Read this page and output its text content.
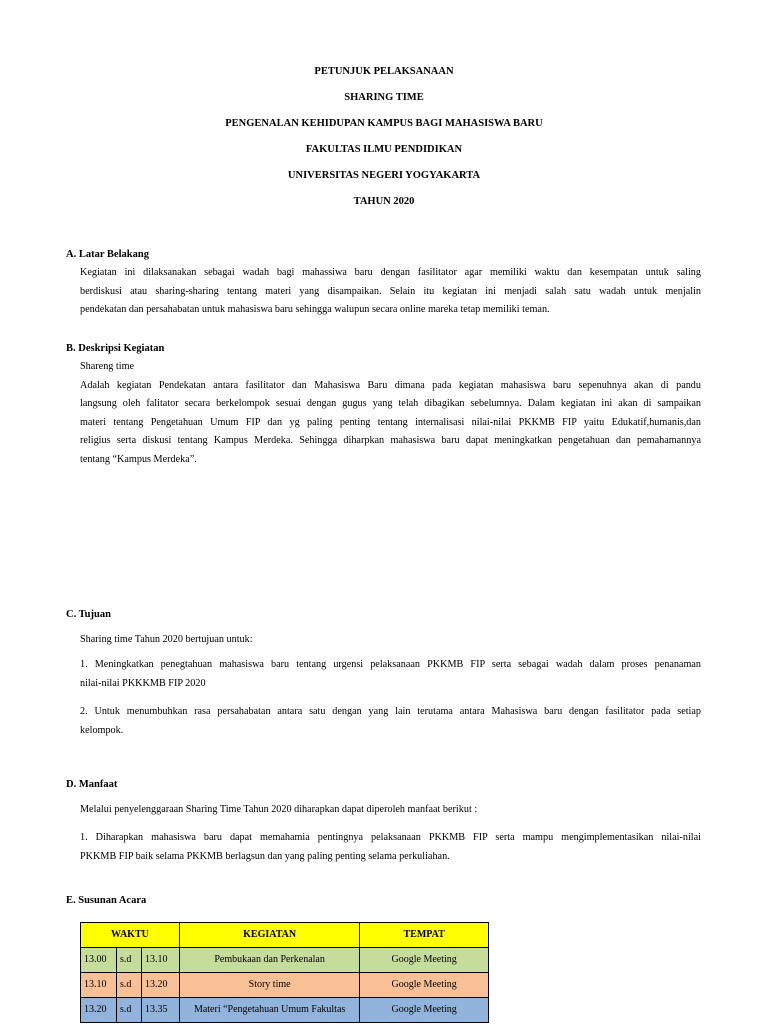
PETUNJUK PELAKSANAAN
SHARING TIME
PENGENALAN KEHIDUPAN KAMPUS BAGI MAHASISWA BARU
FAKULTAS ILMU PENDIDIKAN
UNIVERSITAS NEGERI YOGYAKARTA
TAHUN 2020
A. Latar Belakang

Kegiatan ini dilaksanakan sebagai wadah bagi mahassiwa baru dengan fasilitator agar memiliki waktu dan kesempatan untuk saling

berdiskusi atau sharing-sharing tentang materi yang disampaikan. Selain itu kegiatan ini menjadi salah satu wadah untuk menjalin

pendekatan dan persahabatan untuk mahasiswa baru sehingga walupun secara online mareka tetap memiliki teman.

B. Deskripsi Kegiatan

Shareng time

Adalah kegiatan Pendekatan antara fasilitator dan Mahasiswa Baru dimana pada kegiatan mahasiswa baru sepenuhnya akan di pandu

langsung oleh falitator secara berkelompok sesuai dengan gugus yang telah dibagikan sebelumnya. Dalam kegiatan ini akan di sampaikan

materi tentang Pengetahuan Umum FIP dan yg paling penting tentang internalisasi nilai-nilai PKKMB FIP yaitu Edukatif,humanis,dan

religius serta diskusi tentang Kampus Merdeka. Sehingga diharpkan mahasiswa baru dapat meningkatkan pengetahuan dan pemahamannya

tentang “Kampus Merdeka”.

C. Tujuan

Sharing time Tahun 2020 bertujuan untuk:

1. Meningkatkan penegtahuan mahasiswa baru tentang urgensi pelaksanaan PKKMB FIP serta sebagai wadah dalam proses penanaman

nilai-nilai PKKKMB FIP 2020

2. Untuk menumbuhkan rasa persahabatan antara satu dengan yang lain terutama antara Mahasiswa baru dengan fasilitator pada setiap

kelompok.

D. Manfaat

Melalui penyelenggaraan Sharing Time Tahun 2020 diharapkan dapat diperoleh manfaat berikut :

1. Diharapkan mahasiswa baru dapat memahamia pentingnya pelaksanaan PKKMB FIP serta mampu mengimplementasikan nilai-nilai

PKKMB FIP baik selama PKKMB berlagsun dan yang paling penting selama perkuliahan.

E. Susunan Acara
WAKTU			KEGIATAN	TEMPAT
13.00	s.d	13.10	Pembukaan dan Perkenalan	Google Meeting
13.10	s.d	13.20	Story time	Google Meeting
13.20	s.d	13.35	Materi “Pengetahuan Umum Fakultas	Google Meeting
